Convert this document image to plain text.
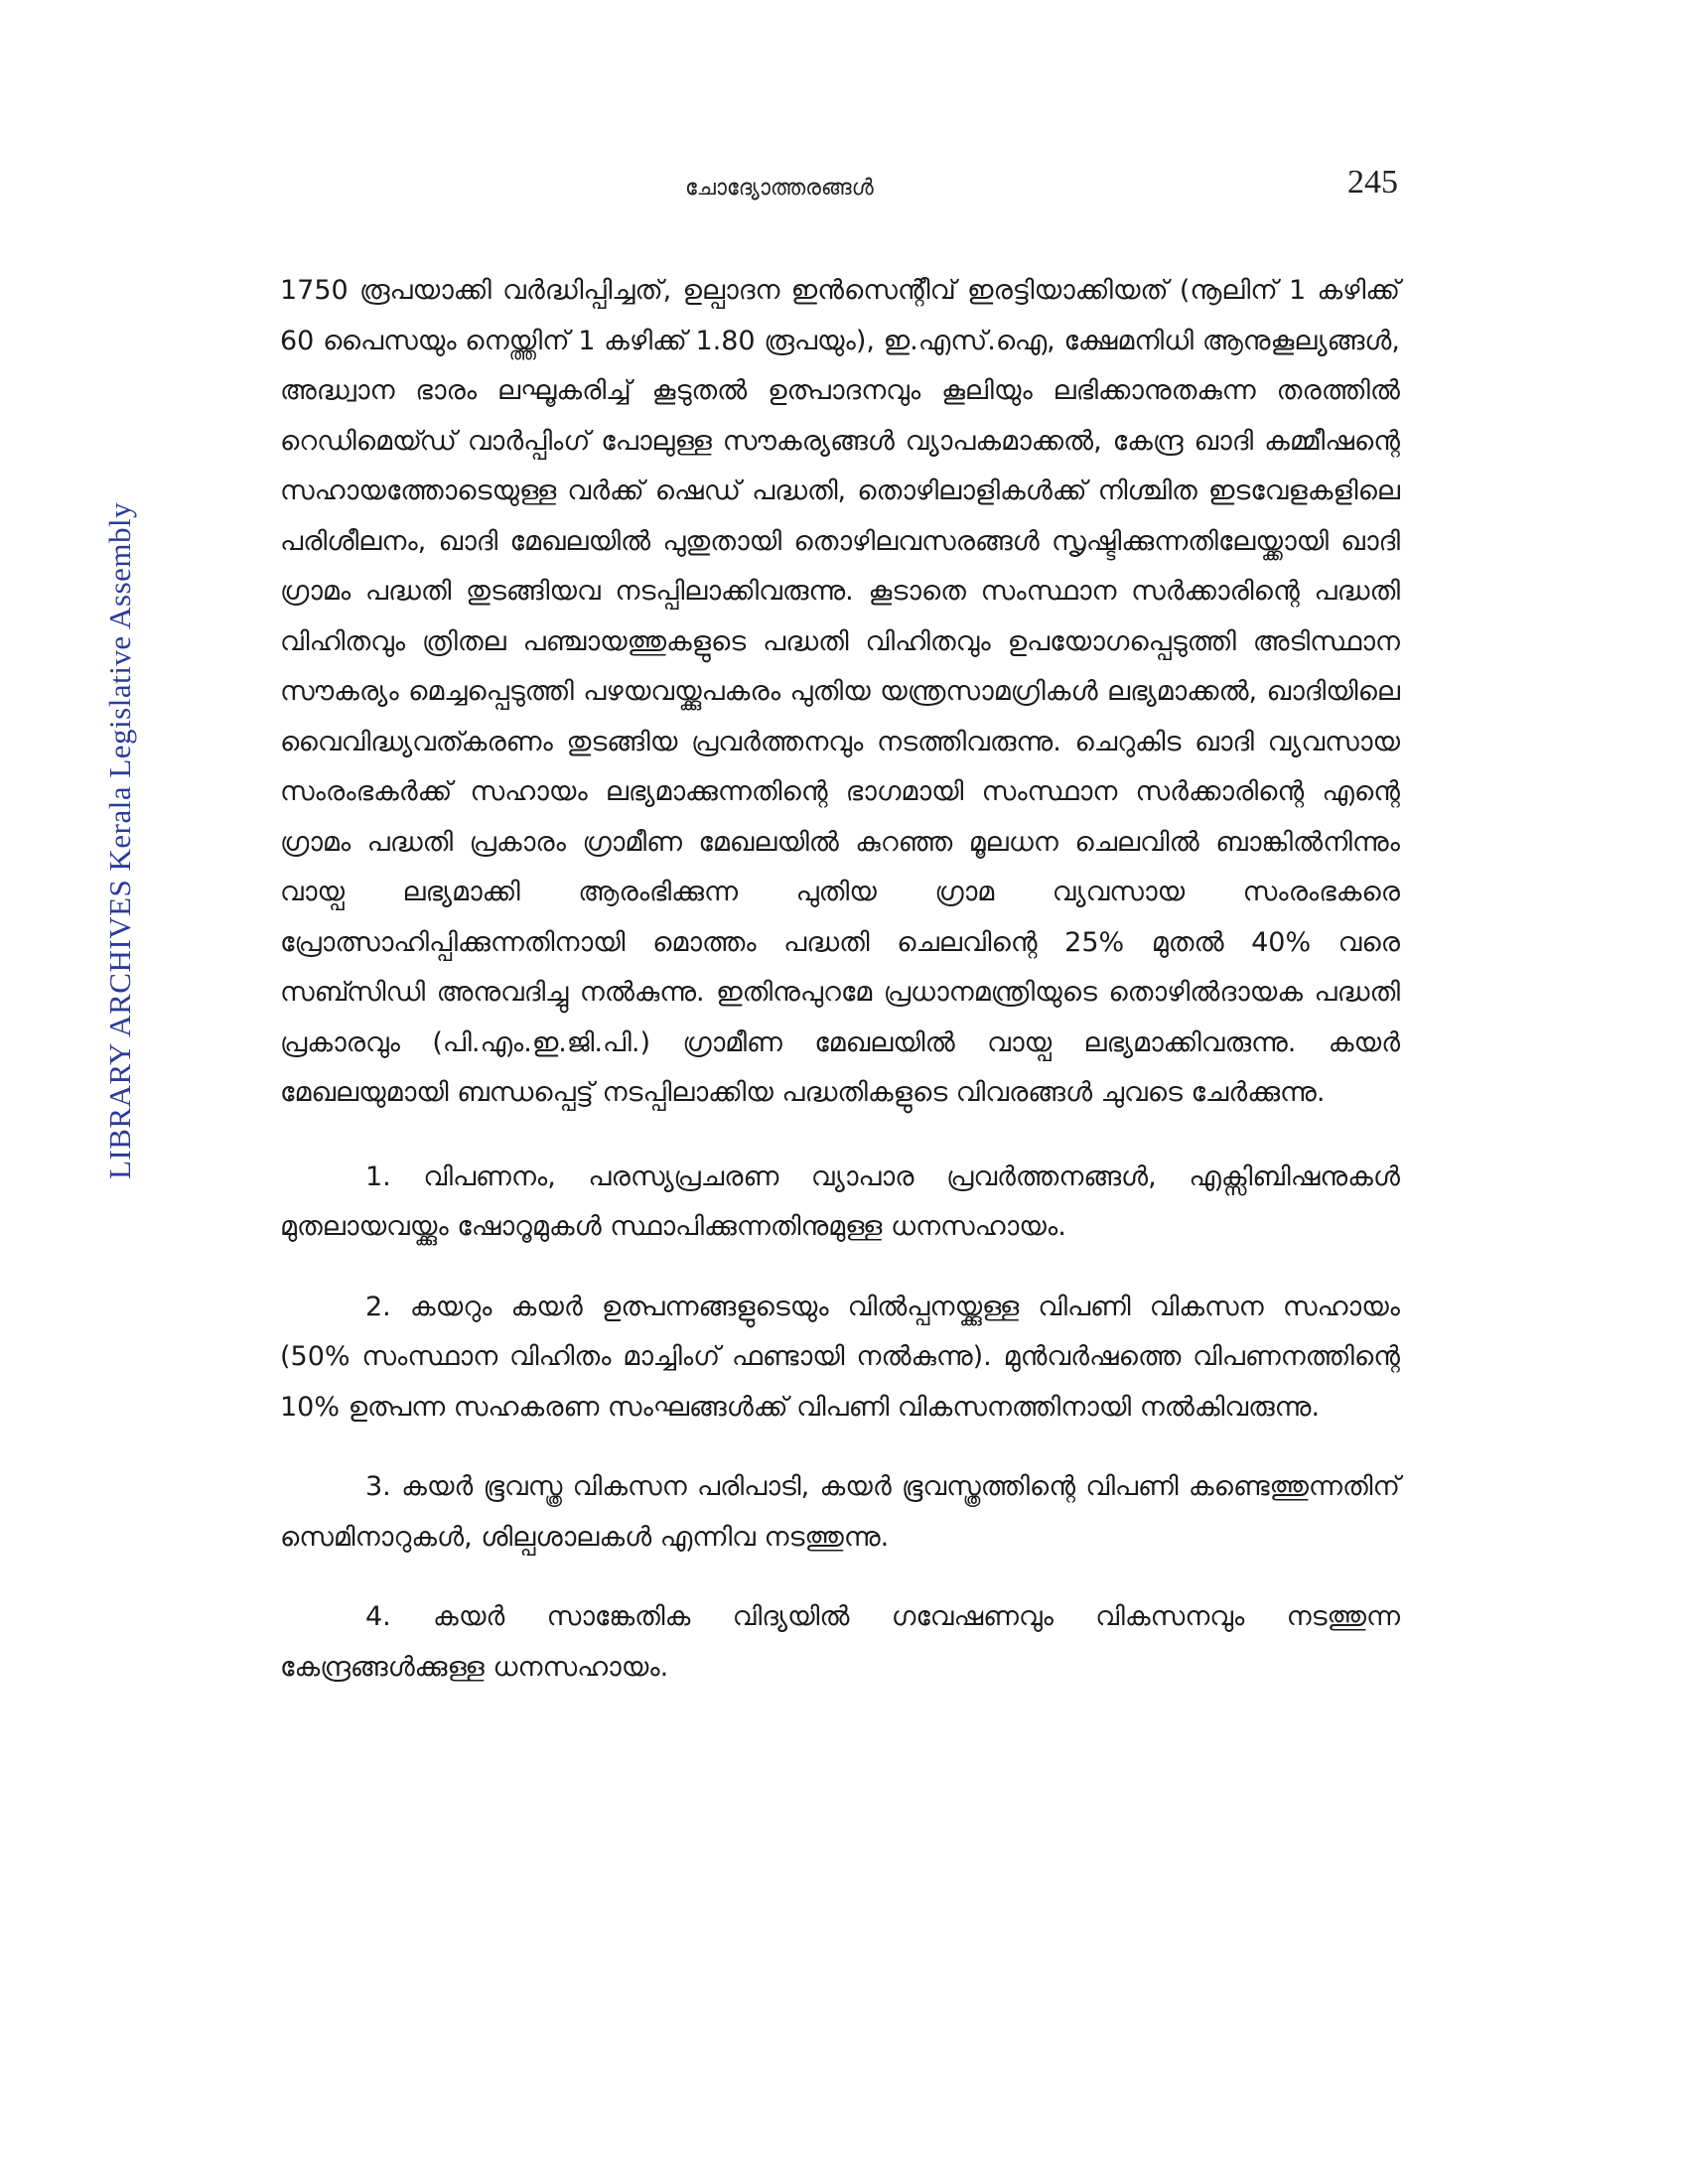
ചോദ്യോത്തരങ്ങൾ	245
LIBRARY ARCHIVES Kerala Legislative Assembly

1750 രൂപയാക്കി വർദ്ധിപ്പിച്ചത്, ഉല്പാദന ഇൻസെന്റീവ് ഇരട്ടിയാക്കിയത് (നൂലിന് 1 കഴിക്ക് 60 പൈസയും നെയ്ത്തിന് 1 കഴിക്ക് 1.80 രൂപയും), ഇ.എസ്.ഐ, ക്ഷേമനിധി ആനുകൂല്യങ്ങൾ, അദ്ധ്വാന ഭാരം ലഘൂകരിച്ച് കൂടുതൽ ഉത്പാദനവും കൂലിയും ലഭിക്കാനുതകുന്ന തരത്തിൽ റെഡിമെയ്ഡ് വാർപ്പിംഗ് പോലുള്ള സൗകര്യങ്ങൾ വ്യാപകമാക്കൽ, കേന്ദ്ര ഖാദി കമ്മീഷന്റെ സഹായത്തോടെയുള്ള വർക്ക് ഷെഡ് പദ്ധതി, തൊഴിലാളികൾക്ക് നിശ്ചിത ഇടവേളകളിലെ പരിശീലനം, ഖാദി മേഖലയിൽ പുതുതായി തൊഴിലവസരങ്ങൾ സൃഷ്ടിക്കുന്നതിലേയ്ക്കായി ഖാദി ഗ്രാമം പദ്ധതി തുടങ്ങിയവ നടപ്പിലാക്കിവരുന്നു. കൂടാതെ സംസ്ഥാന സർക്കാരിന്റെ പദ്ധതി വിഹിതവും ത്രിതല പഞ്ചായത്തുകളുടെ പദ്ധതി വിഹിതവും ഉപയോഗപ്പെടുത്തി അടിസ്ഥാന സൗകര്യം മെച്ചപ്പെടുത്തി പഴയവയ്ക്കുപകരം പുതിയ യന്ത്രസാമഗ്രികൾ ലഭ്യമാക്കൽ, ഖാദിയിലെ വൈവിദ്ധ്യവത്കരണം തുടങ്ങിയ പ്രവർത്തനവും നടത്തിവരുന്നു. ചെറുകിട ഖാദി വ്യവസായ സംരംഭകർക്ക് സഹായം ലഭ്യമാക്കുന്നതിന്റെ ഭാഗമായി സംസ്ഥാന സർക്കാരിന്റെ എന്റെ ഗ്രാമം പദ്ധതി പ്രകാരം ഗ്രാമീണ മേഖലയിൽ കുറഞ്ഞ മൂലധന ചെലവിൽ ബാങ്കിൽനിന്നും വായ്പ ലഭ്യമാക്കി ആരംഭിക്കുന്ന പുതിയ ഗ്രാമ വ്യവസായ സംരംഭകരെ പ്രോത്സാഹിപ്പിക്കുന്നതിനായി മൊത്തം പദ്ധതി ചെലവിന്റെ 25% മുതൽ 40% വരെ സബ്സിഡി അനുവദിച്ചു നൽകുന്നു. ഇതിനുപുറമേ പ്രധാനമന്ത്രിയുടെ തൊഴിൽദായക പദ്ധതി പ്രകാരവും (പി.എം.ഇ.ജി.പി.) ഗ്രാമീണ മേഖലയിൽ വായ്പ ലഭ്യമാക്കിവരുന്നു. കയർ മേഖലയുമായി ബന്ധപ്പെട്ട് നടപ്പിലാക്കിയ പദ്ധതികളുടെ വിവരങ്ങൾ ചുവടെ ചേർക്കുന്നു.

1. വിപണനം, പരസ്യപ്രചരണ വ്യാപാര പ്രവർത്തനങ്ങൾ, എക്സിബിഷനുകൾ മുതലായവയ്ക്കും ഷോറൂമുകൾ സ്ഥാപിക്കുന്നതിനുമുള്ള ധനസഹായം.

2. കയറും കയർ ഉത്പന്നങ്ങളുടെയും വിൽപ്പനയ്ക്കുള്ള വിപണി വികസന സഹായം (50% സംസ്ഥാന വിഹിതം മാച്ചിംഗ് ഫണ്ടായി നൽകുന്നു). മുൻവർഷത്തെ വിപണനത്തിന്റെ 10% ഉത്പന്ന സഹകരണ സംഘങ്ങൾക്ക് വിപണി വികസനത്തിനായി നൽകിവരുന്നു.

3. കയർ ഭൂവസ്ത്ര വികസന പരിപാടി, കയർ ഭൂവസ്ത്രത്തിന്റെ വിപണി കണ്ടെത്തുന്നതിന് സെമിനാറുകൾ, ശില്പശാലകൾ എന്നിവ നടത്തുന്നു.

4. കയർ സാങ്കേതിക വിദ്യയിൽ ഗവേഷണവും വികസനവും നടത്തുന്ന കേന്ദ്രങ്ങൾക്കുള്ള ധനസഹായം.
